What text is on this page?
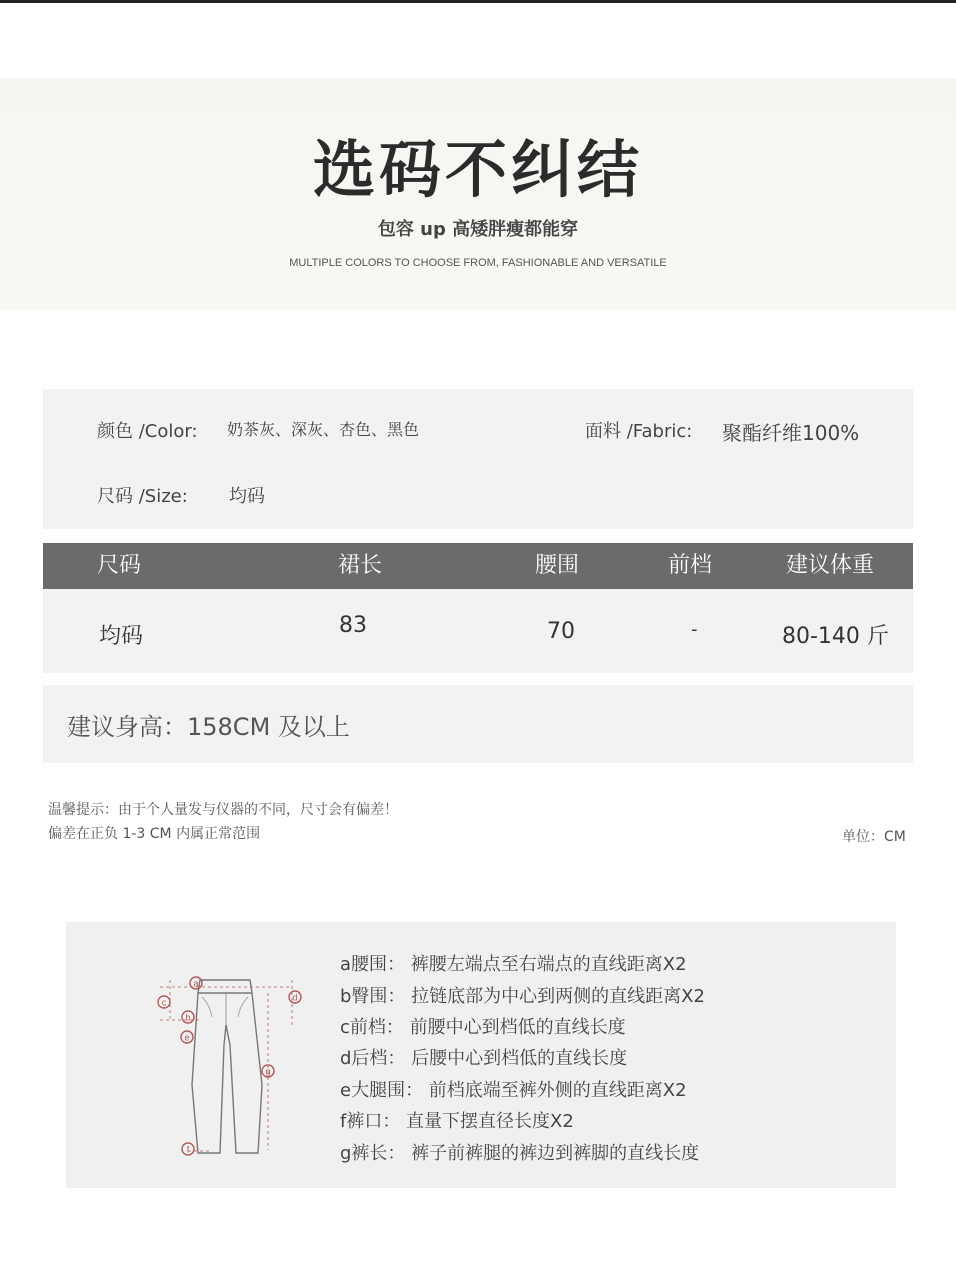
选码不纠结
包容 up 高矮胖瘦都能穿
MULTIPLE COLORS TO CHOOSE FROM, FASHIONABLE AND VERSATILE
颜色 /Color: 奶茶灰、深灰、杏色、黑色	面料 /Fabric: 聚酯纤维100%
尺码 /Size: 均码
尺码	裙长	腰围	前档	建议体重
均码	83	70	-	80-140 斤
建议身高：158CM 及以上
温馨提示：由于个人量发与仪器的不同，尺寸会有偏差！
偏差在正负 1-3 CM 内属正常范围	单位：CM
a
b
c	d
e
f
g
a腰围： 裤腰左端点至右端点的直线距离X2
b臀围： 拉链底部为中心到两侧的直线距离X2
c前档： 前腰中心到档低的直线长度
d后档： 后腰中心到档低的直线长度
e大腿围： 前档底端至裤外侧的直线距离X2
f裤口： 直量下摆直径长度X2
g裤长： 裤子前裤腿的裤边到裤脚的直线长度
